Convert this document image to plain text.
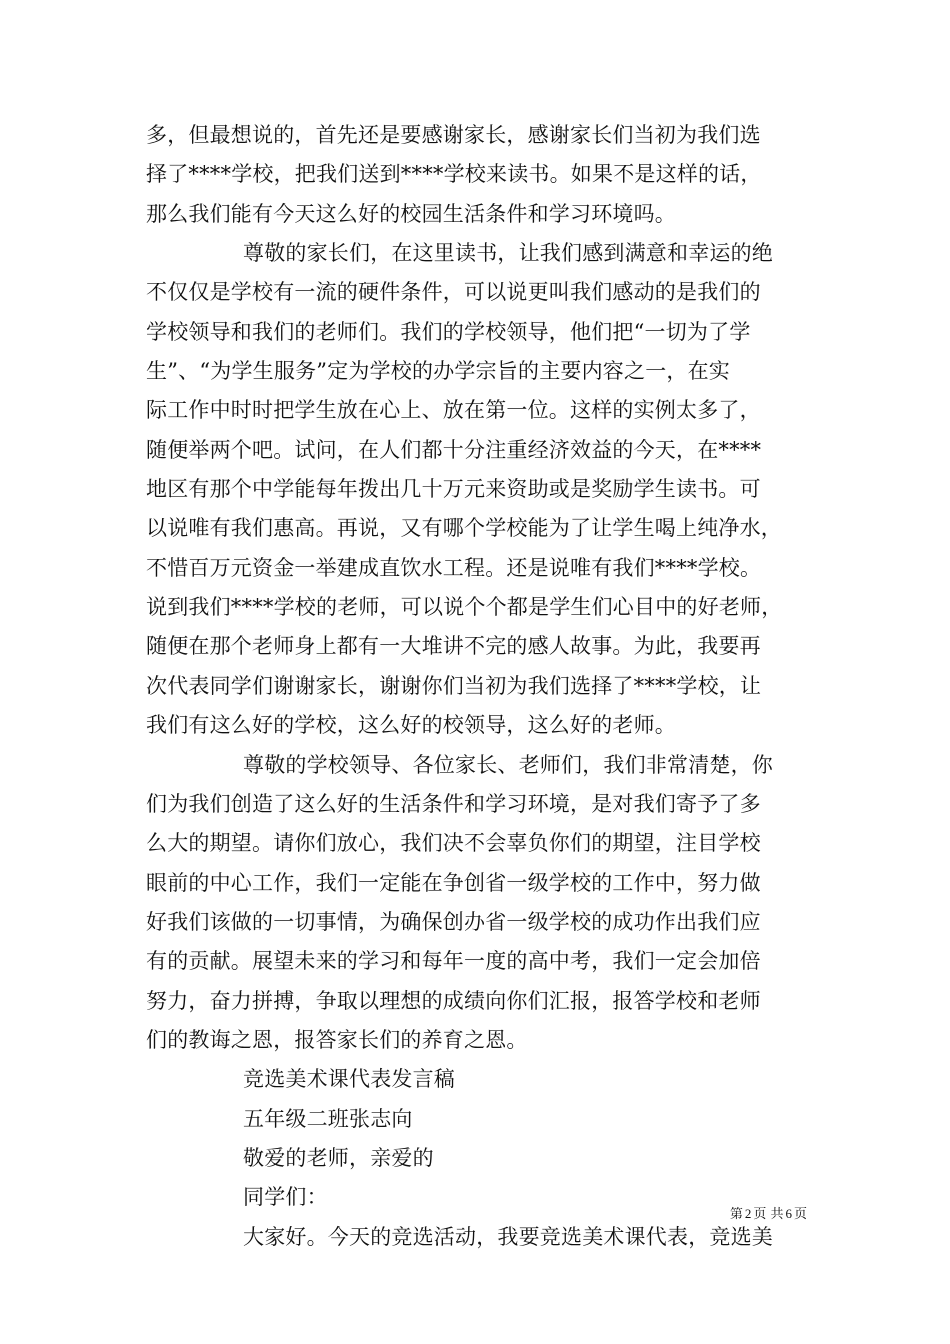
多，但最想说的，首先还是要感谢家长，感谢家长们当初为我们选
择了****学校，把我们送到****学校来读书。如果不是这样的话，
那么我们能有今天这么好的校园生活条件和学习环境吗。
尊敬的家长们，在这里读书，让我们感到满意和幸运的绝
不仅仅是学校有一流的硬件条件，可以说更叫我们感动的是我们的
学校领导和我们的老师们。我们的学校领导，他们把“一切为了学
生”、“为学生服务”定为学校的办学宗旨的主要内容之一，在实
际工作中时时把学生放在心上、放在第一位。这样的实例太多了，
随便举两个吧。试问，在人们都十分注重经济效益的今天，在****
地区有那个中学能每年拨出几十万元来资助或是奖励学生读书。可
以说唯有我们惠高。再说，又有哪个学校能为了让学生喝上纯净水，
不惜百万元资金一举建成直饮水工程。还是说唯有我们****学校。
说到我们****学校的老师，可以说个个都是学生们心目中的好老师，
随便在那个老师身上都有一大堆讲不完的感人故事。为此，我要再
次代表同学们谢谢家长，谢谢你们当初为我们选择了****学校，让
我们有这么好的学校，这么好的校领导，这么好的老师。
尊敬的学校领导、各位家长、老师们，我们非常清楚，你
们为我们创造了这么好的生活条件和学习环境，是对我们寄予了多
么大的期望。请你们放心，我们决不会辜负你们的期望，注目学校
眼前的中心工作，我们一定能在争创省一级学校的工作中，努力做
好我们该做的一切事情，为确保创办省一级学校的成功作出我们应
有的贡献。展望未来的学习和每年一度的高中考，我们一定会加倍
努力，奋力拼搏，争取以理想的成绩向你们汇报，报答学校和老师
们的教诲之恩，报答家长们的养育之恩。
竞选美术课代表发言稿
五年级二班张志向
敬爱的老师，亲爱的
同学们：
大家好。今天的竞选活动，我要竞选美术课代表，竞选美
第 2 页 共 6 页
